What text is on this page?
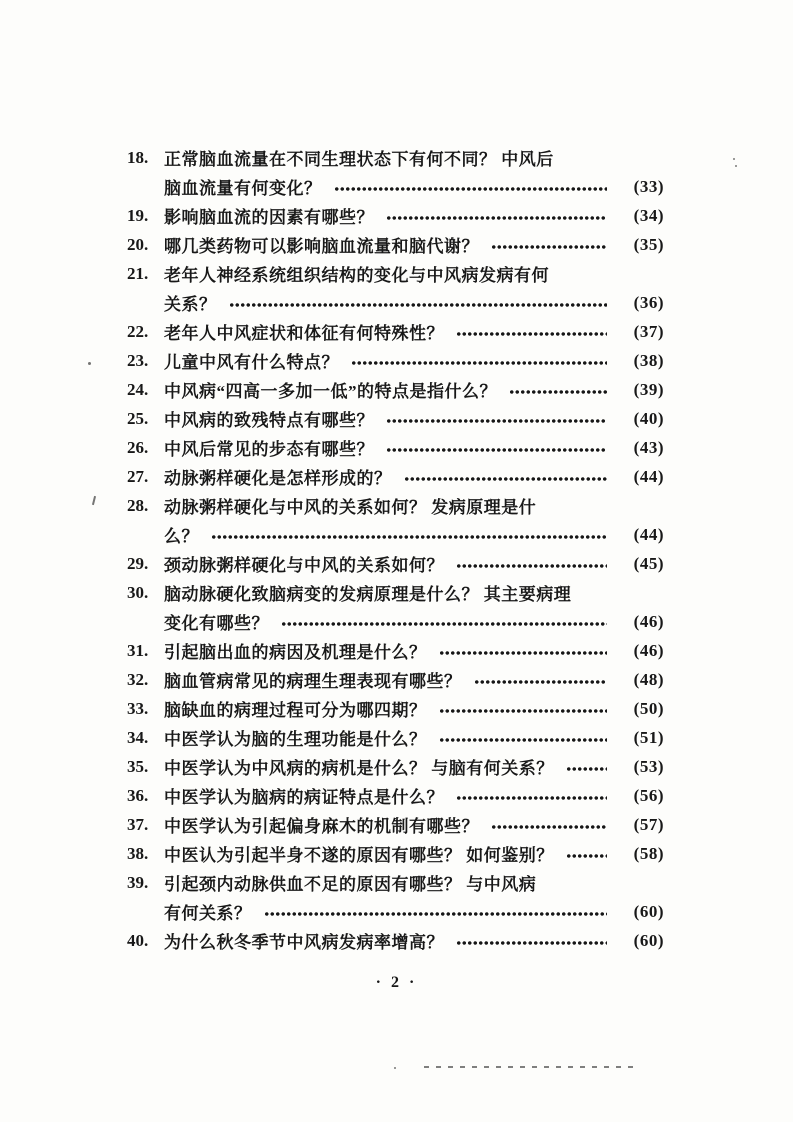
18. 正常脑血流量在不同生理状态下有何不同？ 中风后
脑血流量有何变化？	(33)
19. 影响脑血流的因素有哪些？	(34)
20. 哪几类药物可以影响脑血流量和脑代谢？	(35)
21. 老年人神经系统组织结构的变化与中风病发病有何
关系？	(36)
22. 老年人中风症状和体征有何特殊性？	(37)
23. 儿童中风有什么特点？	(38)
24. 中风病“四高一多加一低”的特点是指什么？	(39)
25. 中风病的致残特点有哪些？	(40)
26. 中风后常见的步态有哪些？	(43)
27. 动脉粥样硬化是怎样形成的？	(44)
28. 动脉粥样硬化与中风的关系如何？ 发病原理是什
么？	(44)
29. 颈动脉粥样硬化与中风的关系如何？	(45)
30. 脑动脉硬化致脑病变的发病原理是什么？ 其主要病理
变化有哪些？	(46)
31. 引起脑出血的病因及机理是什么？	(46)
32. 脑血管病常见的病理生理表现有哪些？	(48)
33. 脑缺血的病理过程可分为哪四期？	(50)
34. 中医学认为脑的生理功能是什么？	(51)
35. 中医学认为中风病的病机是什么？ 与脑有何关系？	(53)
36. 中医学认为脑病的病证特点是什么？	(56)
37. 中医学认为引起偏身麻木的机制有哪些？	(57)
38. 中医认为引起半身不遂的原因有哪些？ 如何鉴别？	(58)
39. 引起颈内动脉供血不足的原因有哪些？ 与中风病
有何关系？	(60)
40. 为什么秋冬季节中风病发病率增高？	(60)
· 2 ·
